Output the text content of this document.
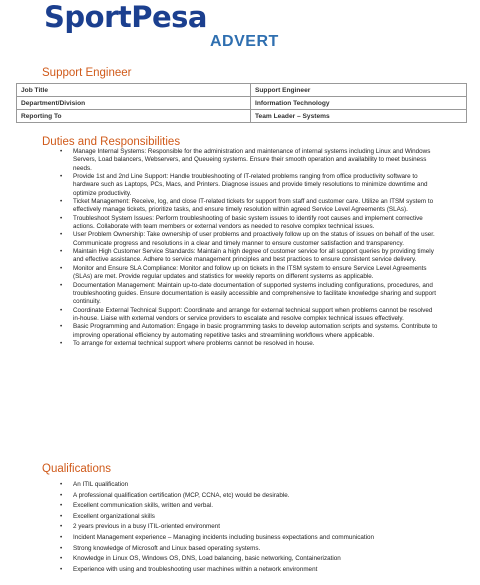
SportPesa
ADVERT
Support Engineer
Job Title	Support Engineer
Department/Division	Information Technology
Reporting To	Team Leader – Systems
Duties and Responsibilities
• Manage Internal Systems: Responsible for the administration and maintenance of internal systems including Linux and Windows Servers, Load balancers, Webservers, and Queueing systems. Ensure their smooth operation and availability to meet business needs.
• Provide 1st and 2nd Line Support: Handle troubleshooting of IT-related problems ranging from office productivity software to hardware such as Laptops, PCs, Macs, and Printers. Diagnose issues and provide timely resolutions to minimize downtime and optimize productivity.
• Ticket Management: Receive, log, and close IT-related tickets for support from staff and customer care. Utilize an ITSM system to effectively manage tickets, prioritize tasks, and ensure timely resolution within agreed Service Level Agreements (SLAs).
• Troubleshoot System Issues: Perform troubleshooting of basic system issues to identify root causes and implement corrective actions. Collaborate with team members or external vendors as needed to resolve complex technical issues.
• User Problem Ownership: Take ownership of user problems and proactively follow up on the status of issues on behalf of the user. Communicate progress and resolutions in a clear and timely manner to ensure customer satisfaction and transparency.
• Maintain High Customer Service Standards: Maintain a high degree of customer service for all support queries by providing timely and effective assistance. Adhere to service management principles and best practices to ensure consistent service delivery.
• Monitor and Ensure SLA Compliance: Monitor and follow up on tickets in the ITSM system to ensure Service Level Agreements (SLAs) are met. Provide regular updates and statistics for weekly reports on different systems as applicable.
• Documentation Management: Maintain up-to-date documentation of supported systems including configurations, procedures, and troubleshooting guides. Ensure documentation is easily accessible and comprehensive to facilitate knowledge sharing and support continuity.
• Coordinate External Technical Support: Coordinate and arrange for external technical support when problems cannot be resolved in-house. Liaise with external vendors or service providers to escalate and resolve complex technical issues effectively.
• Basic Programming and Automation: Engage in basic programming tasks to develop automation scripts and systems. Contribute to improving operational efficiency by automating repetitive tasks and streamlining workflows where applicable.
• To arrange for external technical support where problems cannot be resolved in house.
Qualifications
• An ITIL qualification
• A professional qualification certification (MCP, CCNA, etc) would be desirable.
• Excellent communication skills, written and verbal.
• Excellent organizational skills
• 2 years previous in a busy ITIL-oriented environment
• Incident Management experience – Managing incidents including business expectations and communication
• Strong knowledge of Microsoft and Linux based operating systems.
• Knowledge in Linux OS, Windows OS, DNS, Load balancing, basic networking, Containerization
• Experience with using and troubleshooting user machines within a network environment
